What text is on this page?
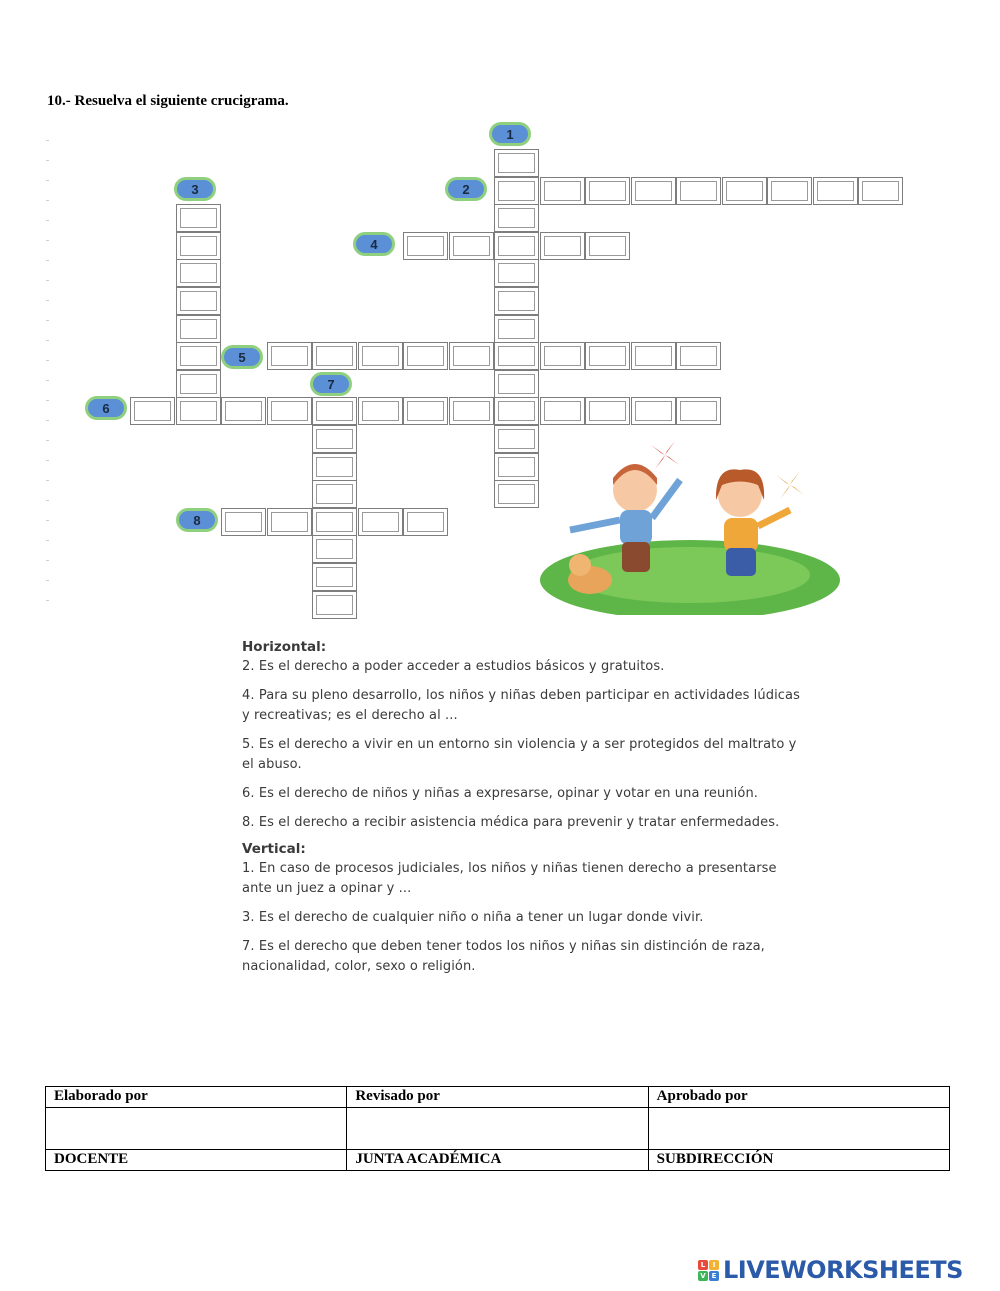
10.- Resuelva el siguiente crucigrama.
1
2
3
4
5
7
6
8
Horizontal:
2. Es el derecho a poder acceder a estudios básicos y gratuitos.
4. Para su pleno desarrollo, los niños y niñas deben participar en actividades lúdicas y recreativas; es el derecho al ...
5. Es el derecho a vivir en un entorno sin violencia y a ser protegidos del maltrato y el abuso.
6. Es el derecho de niños y niñas a expresarse, opinar y votar en una reunión.
8. Es el derecho a recibir asistencia médica para prevenir y tratar enfermedades.
Vertical:
1. En caso de procesos judiciales, los niños y niñas tienen derecho a presentarse ante un juez a opinar y ...
3. Es el derecho de cualquier niño o niña a tener un lugar donde vivir.
7. Es el derecho que deben tener todos los niños y niñas sin distinción de raza, nacionalidad, color, sexo o religión.
Elaborado por	Revisado por	Aprobado por

DOCENTE	JUNTA ACADÉMICA	SUBDIRECCIÓN
L	I
V E LIVEWORKSHEETS
